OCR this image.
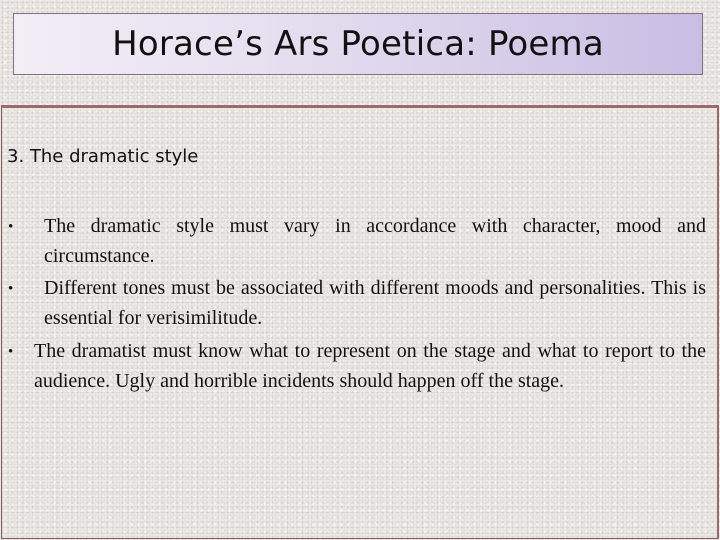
Horace’s Ars Poetica: Poema
3. The dramatic style
• The dramatic style must vary in accordance with character, mood and circumstance.
• Different tones must be associated with different moods and personalities. This is essential for verisimilitude.
• The dramatist must know what to represent on the stage and what to report to the audience. Ugly and horrible incidents should happen off the stage.
